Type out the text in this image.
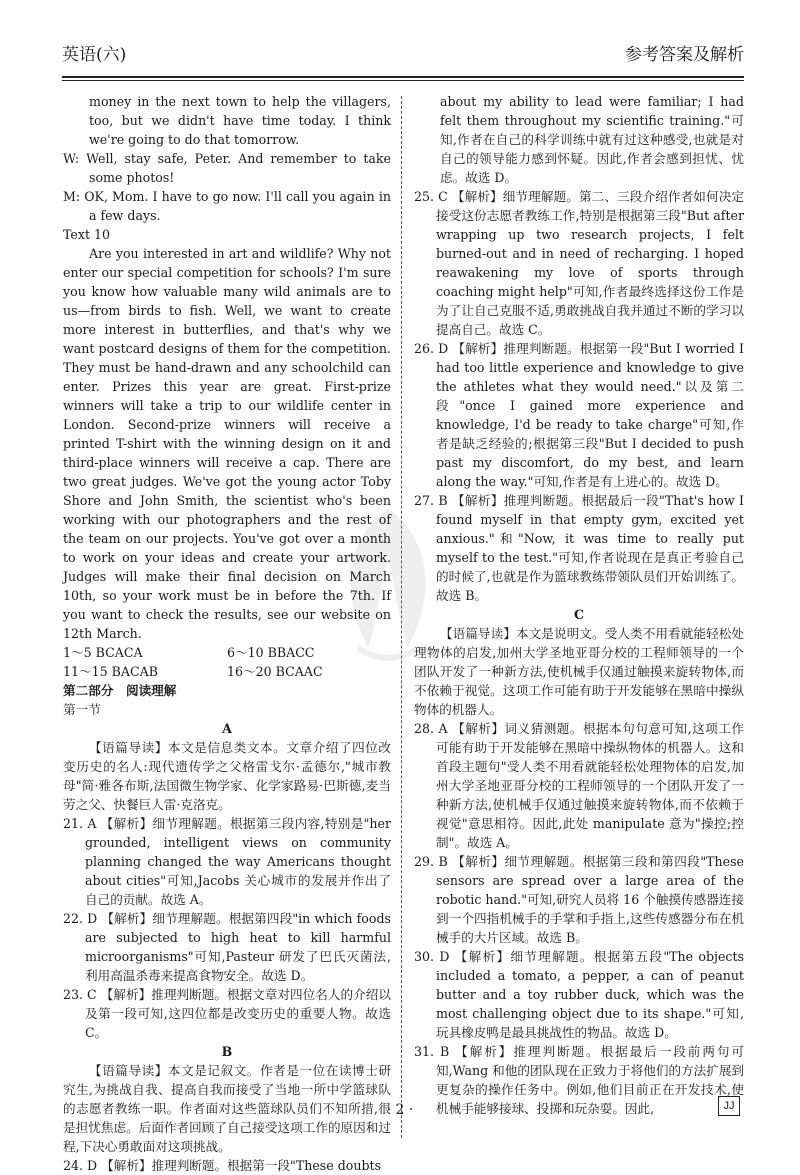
英语(六)	参考答案及解析

money in the next town to help the villagers, too, but we didn't have time today. I think we're going to do that tomorrow.

W: Well, stay safe, Peter. And remember to take some photos!

M: OK, Mom. I have to go now. I'll call you again in a few days.

Text 10

Are you interested in art and wildlife? Why not enter our special competition for schools? I'm sure you know how valuable many wild animals are to us—from birds to fish. Well, we want to create more interest in butterflies, and that's why we want postcard designs of them for the competition. They must be hand-drawn and any schoolchild can enter. Prizes this year are great. First-prize winners will take a trip to our wildlife center in London. Second-prize winners will receive a printed T-shirt with the winning design on it and third-place winners will receive a cap. There are two great judges. We've got the young actor Toby Shore and John Smith, the scientist who's been working with our photographers and the rest of the team on our projects. You've got over a month to work on your ideas and create your artwork. Judges will make their final decision on March 10th, so your work must be in before the 7th. If you want to check the results, see our website on 12th March.

1～5 BCACA	6～10 BBACC
11～15 BACAB	16～20 BCAAC

第二部分　阅读理解

第一节

A

【语篇导读】本文是信息类文本。文章介绍了四位改变历史的名人:现代遗传学之父格雷戈尔·孟德尔,"城市教母"简·雅各布斯,法国微生物学家、化学家路易·巴斯德,麦当劳之父、快餐巨人雷·克洛克。

21. A 【解析】细节理解题。根据第三段内容,特别是"her grounded, intelligent views on community planning changed the way Americans thought about cities"可知,Jacobs 关心城市的发展并作出了自己的贡献。故选 A。

22. D 【解析】细节理解题。根据第四段"in which foods are subjected to high heat to kill harmful microorganisms"可知,Pasteur 研发了巴氏灭菌法,利用高温杀毒来提高食物安全。故选 D。

23. C 【解析】推理判断题。根据文章对四位名人的介绍以及第一段可知,这四位都是改变历史的重要人物。故选 C。

B

【语篇导读】本文是记叙文。作者是一位在读博士研究生,为挑战自我、提高自我而接受了当地一所中学篮球队的志愿者教练一职。作者面对这些篮球队员们不知所措,很是担忧焦虑。后面作者回顾了自己接受这项工作的原因和过程,下决心勇敢面对这项挑战。

24. D 【解析】推理判断题。根据第一段"These doubts

about my ability to lead were familiar; I had felt them throughout my scientific training."可知,作者在自己的科学训练中就有过这种感受,也就是对自己的领导能力感到怀疑。因此,作者会感到担忧、忧虑。故选 D。

25. C 【解析】细节理解题。第二、三段介绍作者如何决定接受这份志愿者教练工作,特别是根据第三段"But after wrapping up two research projects, I felt burned-out and in need of recharging. I hoped reawakening my love of sports through coaching might help"可知,作者最终选择这份工作是为了让自己克服不适,勇敢挑战自我并通过不断的学习以提高自己。故选 C。

26. D 【解析】推理判断题。根据第一段"But I worried I had too little experience and knowledge to give the athletes what they would need."以及第二段"once I gained more experience and knowledge, I'd be ready to take charge"可知,作者是缺乏经验的;根据第三段"But I decided to push past my discomfort, do my best, and learn along the way."可知,作者是有上进心的。故选 D。

27. B 【解析】推理判断题。根据最后一段"That's how I found myself in that empty gym, excited yet anxious."和"Now, it was time to really put myself to the test."可知,作者说现在是真正考验自己的时候了,也就是作为篮球教练带领队员们开始训练了。故选 B。

C

【语篇导读】本文是说明文。受人类不用看就能轻松处理物体的启发,加州大学圣地亚哥分校的工程师领导的一个团队开发了一种新方法,使机械手仅通过触摸来旋转物体,而不依赖于视觉。这项工作可能有助于开发能够在黑暗中操纵物体的机器人。

28. A 【解析】词义猜测题。根据本句句意可知,这项工作可能有助于开发能够在黑暗中操纵物体的机器人。这和首段主题句"受人类不用看就能轻松处理物体的启发,加州大学圣地亚哥分校的工程师领导的一个团队开发了一种新方法,使机械手仅通过触摸来旋转物体,而不依赖于视觉"意思相符。因此,此处 manipulate 意为"操控;控制"。故选 A。

29. B 【解析】细节理解题。根据第三段和第四段"These sensors are spread over a large area of the robotic hand."可知,研究人员将 16 个触摸传感器连接到一个四指机械手的手掌和手指上,这些传感器分布在机械手的大片区域。故选 B。

30. D 【解析】细节理解题。根据第五段"The objects included a tomato, a pepper, a can of peanut butter and a toy rubber duck, which was the most challenging object due to its shape."可知,玩具橡皮鸭是最具挑战性的物品。故选 D。

31. B 【解析】推理判断题。根据最后一段前两句可知,Wang 和他的团队现在正致力于将他们的方法扩展到更复杂的操作任务中。例如,他们目前正在开发技术,使机械手能够接球、投掷和玩杂耍。因此,

· 2 ·	JJ
